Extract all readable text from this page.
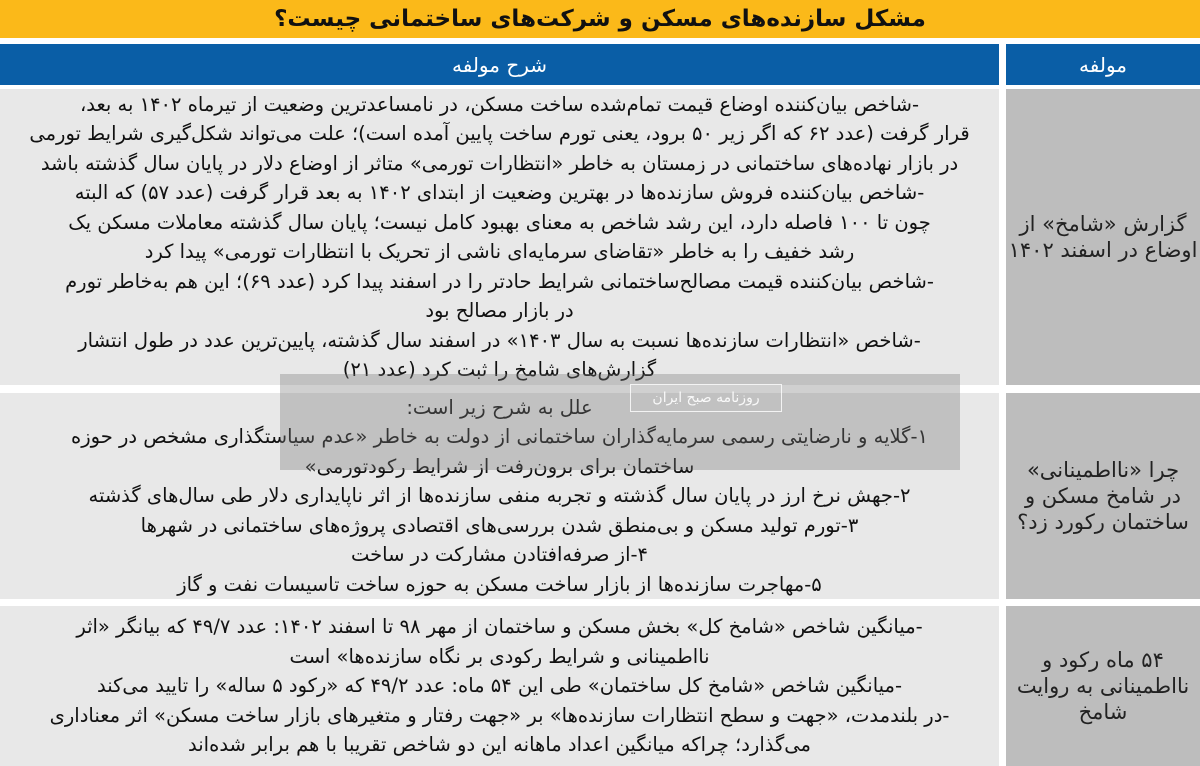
مشکل سازنده‌های مسکن و شرکت‌های ساختمانی چیست؟
مولفه
شرح مولفه
گزارش «شامخ» از
اوضاع در اسفند ۱۴۰۲
-شاخص بیان‌کننده اوضاع قیمت تمام‌شده ساخت مسکن، در نامساعدترین وضعیت از تیرماه ۱۴۰۲ به بعد،
قرار گرفت (عدد ۶۲ که اگر زیر ۵۰ برود، یعنی تورم ساخت پایین آمده است)؛ علت می‌تواند شکل‌گیری شرایط تورمی
در بازار نهاده‌های ساختمانی در زمستان به خاطر «انتظارات تورمی» متاثر از اوضاع دلار در پایان سال گذشته باشد
-شاخص بیان‌کننده فروش سازنده‌ها در بهترین وضعیت از ابتدای ۱۴۰۲ به بعد قرار گرفت (عدد ۵۷) که البته
چون تا ۱۰۰ فاصله دارد، این رشد شاخص به معنای بهبود کامل نیست؛ پایان سال گذشته معاملات مسکن یک
رشد خفیف را به خاطر «تقاضای سرمایه‌ای ناشی از تحریک با انتظارات تورمی» پیدا کرد
-شاخص بیان‌کننده قیمت مصالح‌ساختمانی شرایط حادتر را در اسفند پیدا کرد (عدد ۶۹)؛ این هم به‌خاطر تورم
در بازار مصالح بود
-شاخص «انتظارات سازنده‌ها نسبت به سال ۱۴۰۳» در اسفند سال گذشته، پایین‌ترین عدد در طول انتشار
گزارش‌های شامخ را ثبت کرد (عدد ۲۱)
چرا «نااطمینانی»
در شامخ مسکن و
ساختمان رکورد زد؟
علل به شرح زیر است:
۱-گلایه و نارضایتی رسمی سرمایه‌گذاران ساختمانی از دولت به خاطر «عدم سیاستگذاری مشخص در حوزه
ساختمان برای برون‌رفت از شرایط رکودتورمی»
۲-جهش نرخ ارز در پایان سال گذشته و تجربه منفی سازنده‌ها از اثر ناپایداری دلار طی سال‌های گذشته
۳-تورم تولید مسکن و بی‌منطق شدن بررسی‌های اقتصادی پروژه‌های ساختمانی در شهرها
۴-از صرفه‌افتادن مشارکت در ساخت
۵-مهاجرت سازنده‌ها از بازار ساخت مسکن به حوزه ساخت تاسیسات نفت و گاز
۵۴ ماه رکود و
نااطمینانی به روایت
شامخ
-میانگین شاخص «شامخ کل» بخش مسکن و ساختمان از مهر ۹۸ تا اسفند ۱۴۰۲: عدد ۴۹/۷ که بیانگر «اثر
نااطمینانی و شرایط رکودی بر نگاه سازنده‌ها» است
-میانگین شاخص «شامخ کل ساختمان» طی این ۵۴ ماه: عدد ۴۹/۲ که «رکود ۵ ساله» را تایید می‌کند
-در بلندمدت، «جهت و سطح انتظارات سازنده‌ها» بر «جهت رفتار و متغیرهای بازار ساخت مسکن» اثر معناداری
می‌گذارد؛ چراکه میانگین اعداد ماهانه این دو شاخص تقریبا با هم برابر شده‌اند
روزنامه صبح ایران
